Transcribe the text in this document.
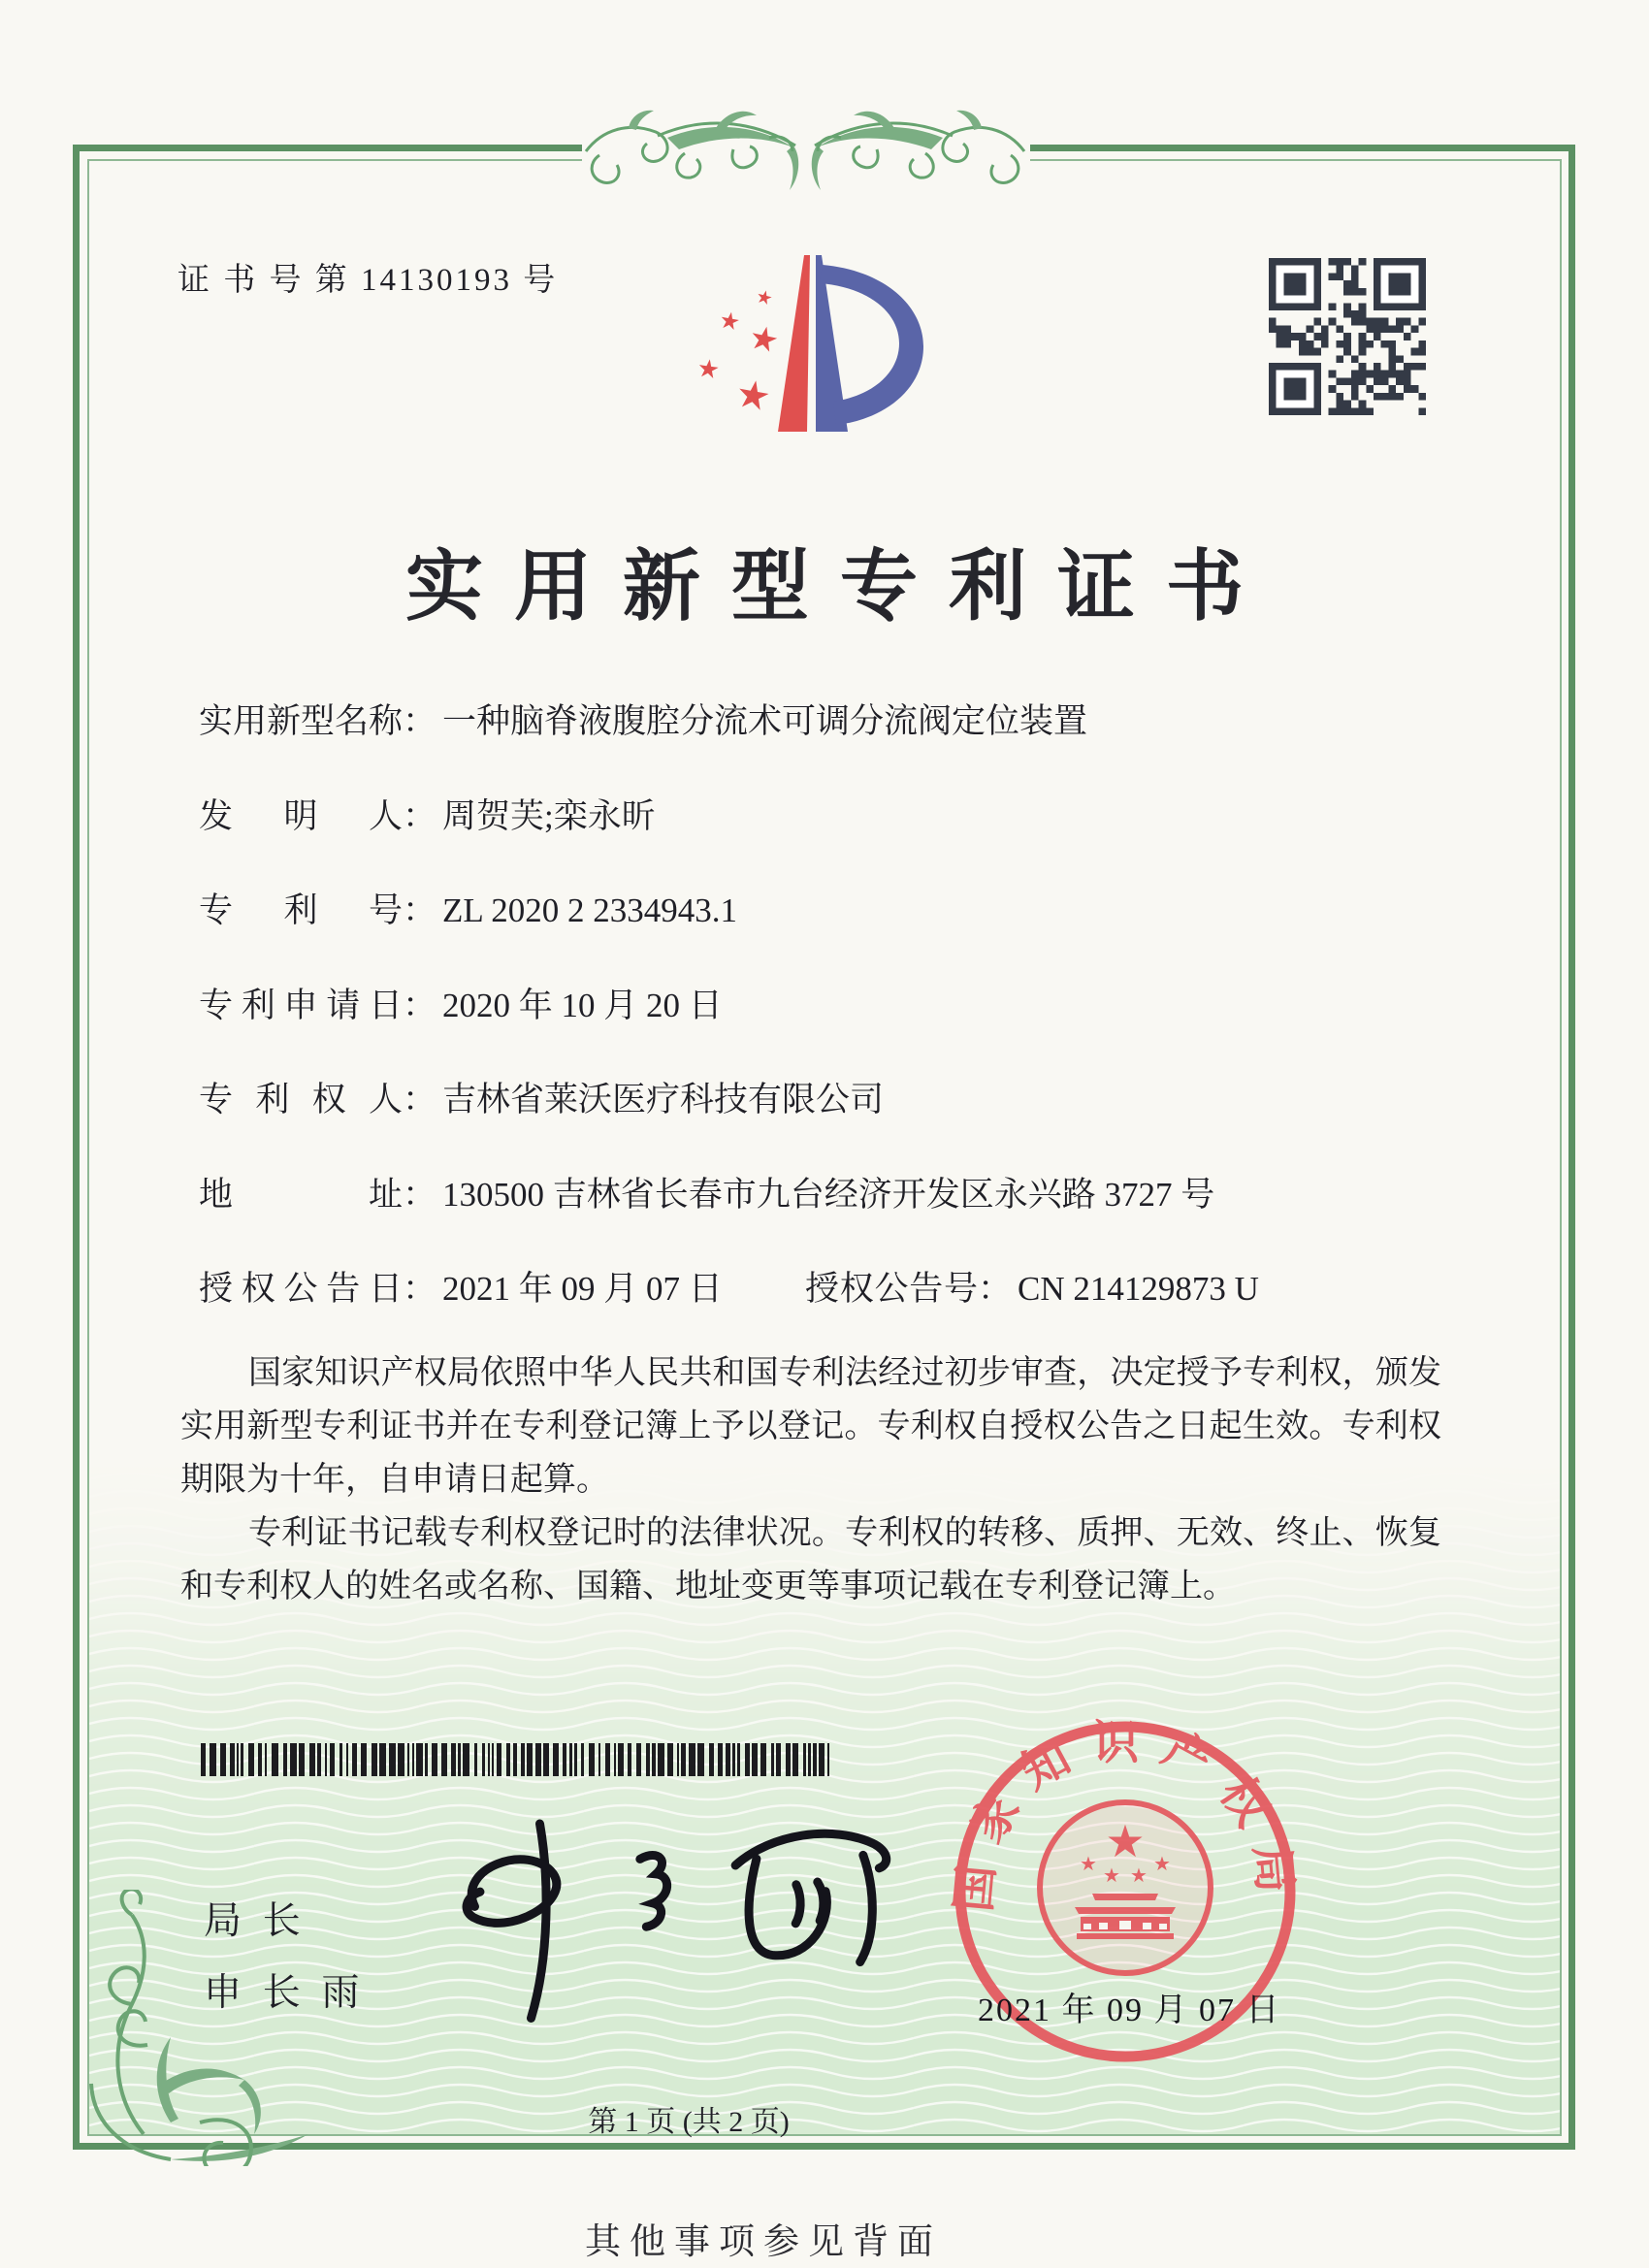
证 书 号 第 14130193 号
★
★ ★
★
★
实用新型专利证书
实用新型名称： 一种脑脊液腹腔分流术可调分流阀定位装置
发明人： 周贺芙;栾永昕
专利号： ZL 2020 2 2334943.1
专利申请日： 2020 年 10 月 20 日
专利权人： 吉林省莱沃医疗科技有限公司
地址： 130500 吉林省长春市九台经济开发区永兴路 3727 号
授权公告日： 2021 年 09 月 07 日 授权公告号： CN 214129873 U

国家知识产权局依照中华人民共和国专利法经过初步审查，决定授予专利权，颁发实用新型专利证书并在专利登记簿上予以登记。专利权自授权公告之日起生效。专利权期限为十年，自申请日起算。

专利证书记载专利权登记时的法律状况。专利权的转移、质押、无效、终止、恢复和专利权人的姓名或名称、国籍、地址变更等事项记载在专利登记簿上。

局 长
申 长 雨
国家知识产权局
★
★
★ ★
★
2021 年 09 月 07 日
第 1 页 (共 2 页)
其他事项参见背面
